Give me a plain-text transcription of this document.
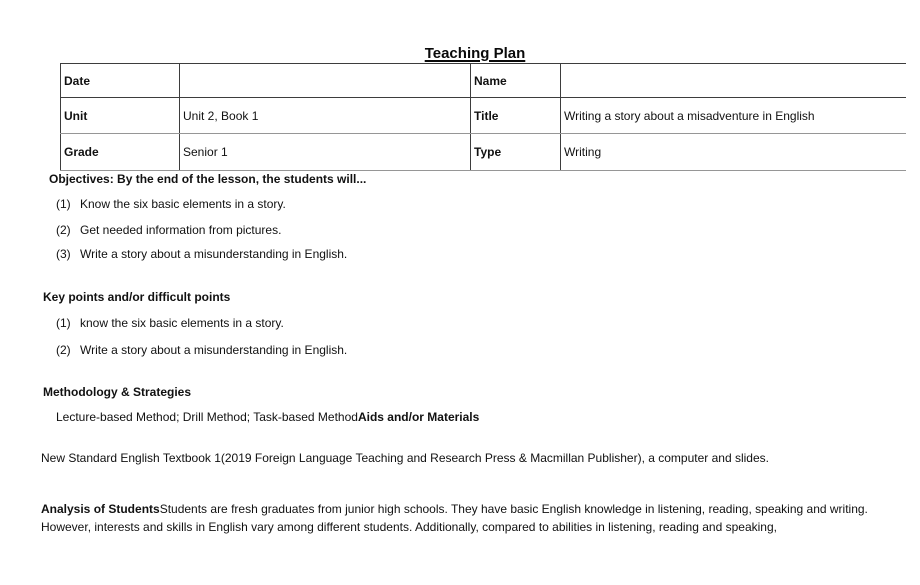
Teaching Plan
Date		Name	
Unit	Unit 2, Book 1	Title	Writing a story about a misadventure in English
Grade	Senior 1	Type	Writing
Objectives: By the end of the lesson, the students will...
(1) Know the six basic elements in a story.
(2) Get needed information from pictures.
(3) Write a story about a misunderstanding in English.
Key points and/or difficult points
(1) know the six basic elements in a story.
(2) Write a story about a misunderstanding in English.
Methodology & Strategies
Lecture-based Method; Drill Method; Task-based MethodAids and/or Materials
New Standard English Textbook 1(2019 Foreign Language Teaching and Research Press & Macmillan Publisher), a computer and slides.
Analysis of StudentsStudents are fresh graduates from junior high schools. They have basic English knowledge in listening, reading, speaking and writing. However, interests and skills in English vary among different students. Additionally, compared to abilities in listening, reading and speaking,
